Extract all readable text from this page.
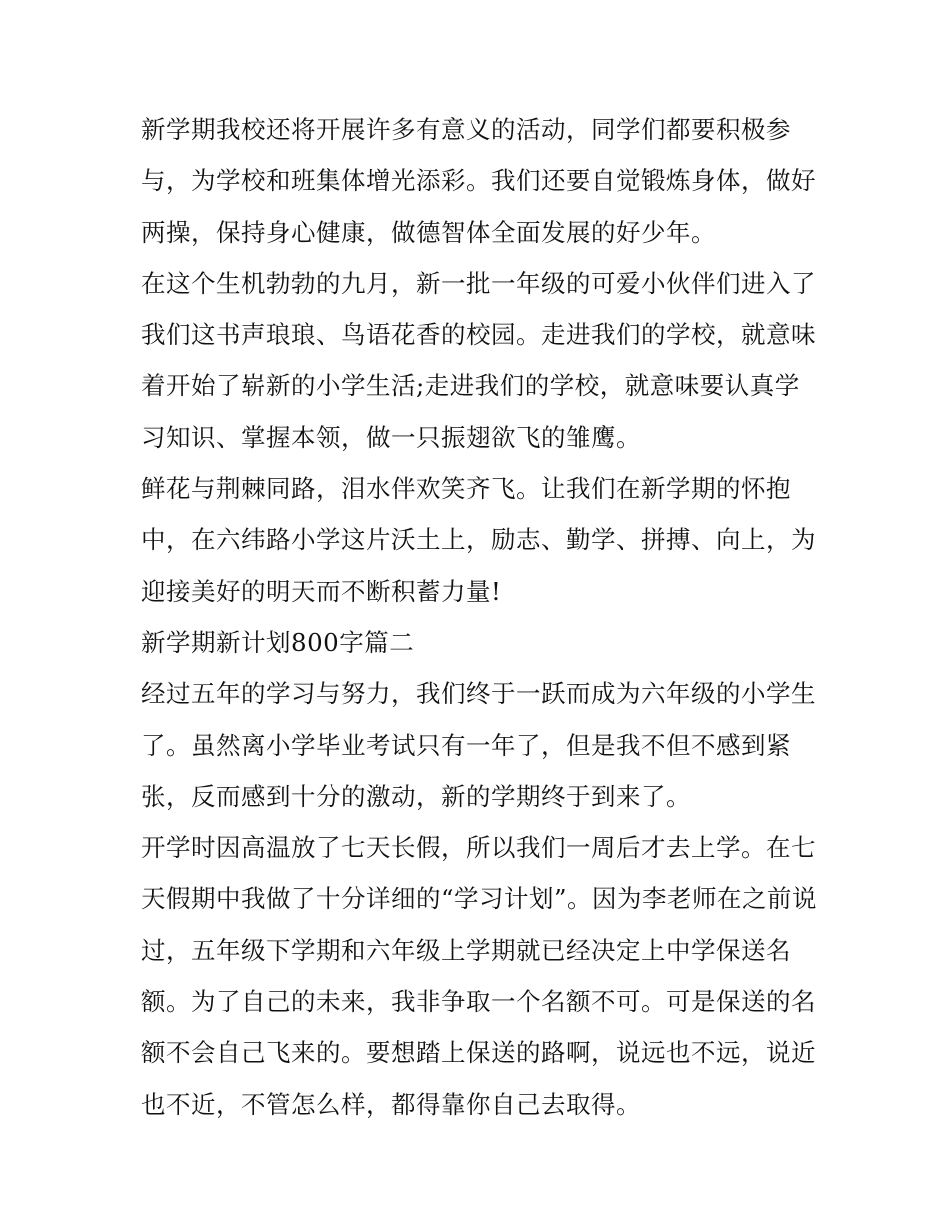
新学期我校还将开展许多有意义的活动，同学们都要积极参
与，为学校和班集体增光添彩。我们还要自觉锻炼身体，做好
两操，保持身心健康，做德智体全面发展的好少年。
在这个生机勃勃的九月，新一批一年级的可爱小伙伴们进入了
我们这书声琅琅、鸟语花香的校园。走进我们的学校，就意味
着开始了崭新的小学生活;走进我们的学校，就意味要认真学
习知识、掌握本领，做一只振翅欲飞的雏鹰。
鲜花与荆棘同路，泪水伴欢笑齐飞。让我们在新学期的怀抱
中，在六纬路小学这片沃土上，励志、勤学、拼搏、向上，为
迎接美好的明天而不断积蓄力量!
新学期新计划800字篇二
经过五年的学习与努力，我们终于一跃而成为六年级的小学生
了。虽然离小学毕业考试只有一年了，但是我不但不感到紧
张，反而感到十分的激动，新的学期终于到来了。
开学时因高温放了七天长假，所以我们一周后才去上学。在七
天假期中我做了十分详细的“学习计划”。因为李老师在之前说
过，五年级下学期和六年级上学期就已经决定上中学保送名
额。为了自己的未来，我非争取一个名额不可。可是保送的名
额不会自己飞来的。要想踏上保送的路啊，说远也不远，说近
也不近，不管怎么样，都得靠你自己去取得。
